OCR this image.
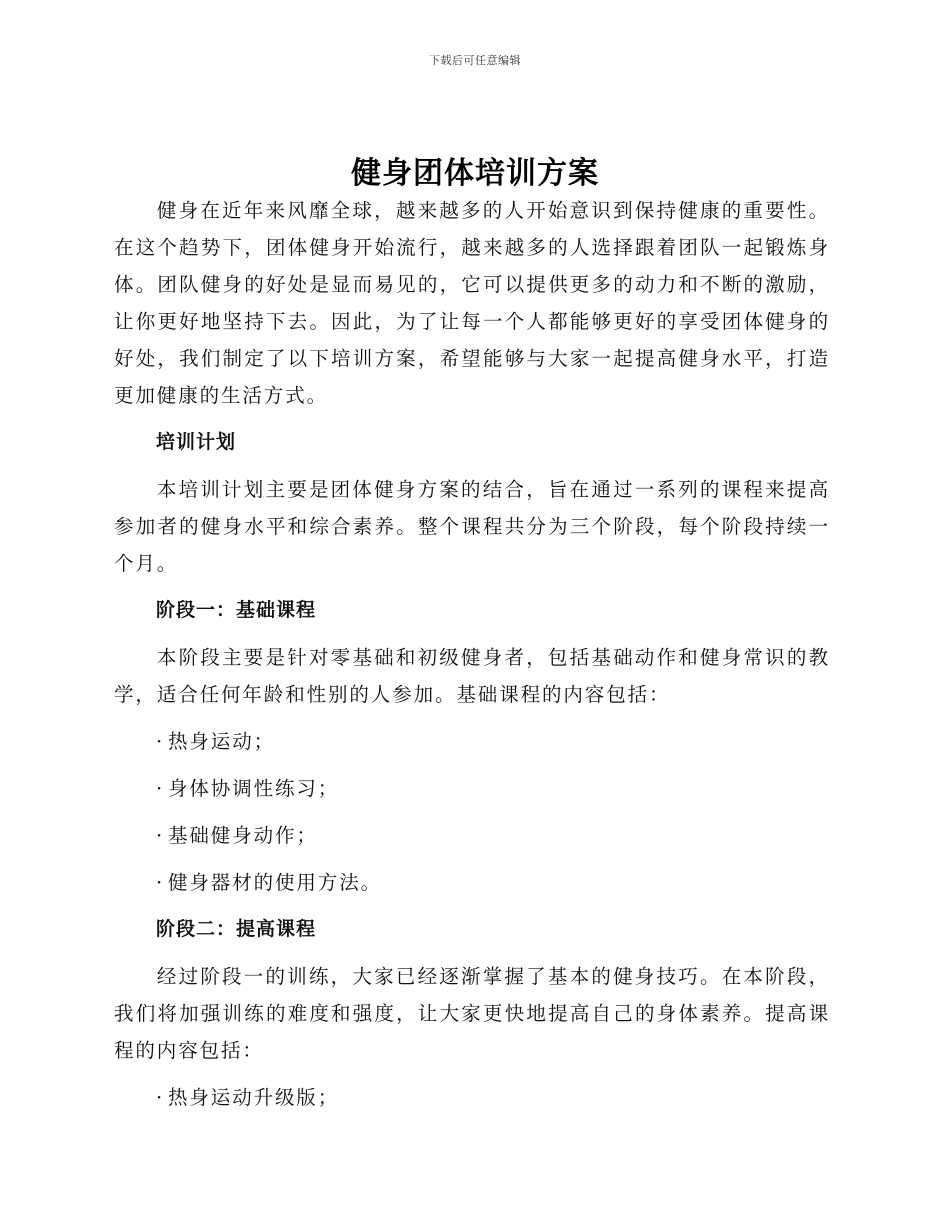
下载后可任意编辑
健身团体培训方案

健身在近年来风靡全球，越来越多的人开始意识到保持健康的重要性。在这个趋势下，团体健身开始流行，越来越多的人选择跟着团队一起锻炼身体。团队健身的好处是显而易见的，它可以提供更多的动力和不断的激励，让你更好地坚持下去。因此，为了让每一个人都能够更好的享受团体健身的好处，我们制定了以下培训方案，希望能够与大家一起提高健身水平，打造更加健康的生活方式。

培训计划

本培训计划主要是团体健身方案的结合，旨在通过一系列的课程来提高参加者的健身水平和综合素养。整个课程共分为三个阶段，每个阶段持续一个月。

阶段一：基础课程

本阶段主要是针对零基础和初级健身者，包括基础动作和健身常识的教学，适合任何年龄和性别的人参加。基础课程的内容包括：

· 热身运动；

· 身体协调性练习；

· 基础健身动作；

· 健身器材的使用方法。

阶段二：提高课程

经过阶段一的训练，大家已经逐渐掌握了基本的健身技巧。在本阶段，我们将加强训练的难度和强度，让大家更快地提高自己的身体素养。提高课程的内容包括：

· 热身运动升级版；
